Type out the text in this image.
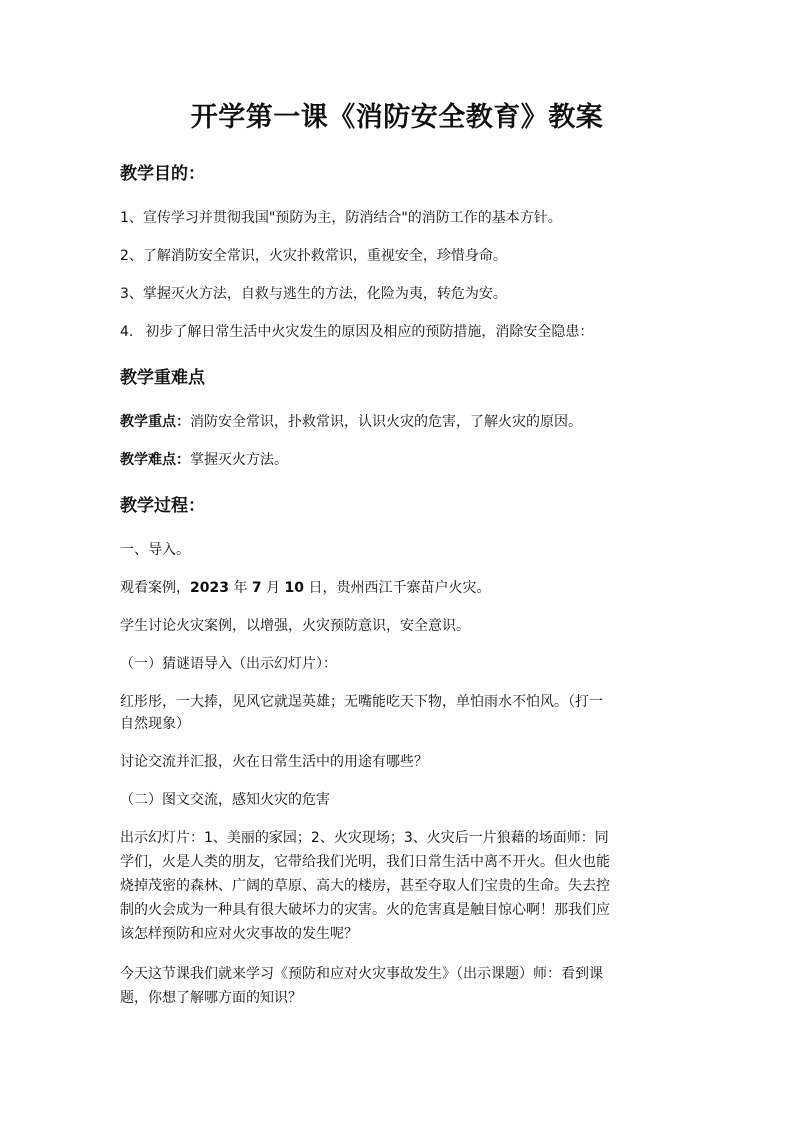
开学第一课《消防安全教育》教案
教学目的：
1、宣传学习并贯彻我国"预防为主，防消结合"的消防工作的基本方针。
2、了解消防安全常识，火灾扑救常识，重视安全，珍惜身命。
3、掌握灭火方法，自救与逃生的方法，化险为夷，转危为安。
4. 初步了解日常生活中火灾发生的原因及相应的预防措施，消除安全隐患：
教学重难点
教学重点：消防安全常识，扑救常识，认识火灾的危害，了解火灾的原因。
教学难点：掌握灭火方法。
教学过程：
一、导入。
观看案例，2023 年 7 月 10 日，贵州西江千寨苗户火灾。
学生讨论火灾案例，以增强，火灾预防意识，安全意识。
（一）猜谜语导入（出示幻灯片）：
红彤彤，一大捧，见风它就逞英雄；无嘴能吃天下物，单怕雨水不怕风。（打一
自然现象）
讨论交流并汇报，火在日常生活中的用途有哪些？
（二）图文交流，感知火灾的危害
出示幻灯片：1、美丽的家园；2、火灾现场；3、火灾后一片狼藉的场面师：同
学们，火是人类的朋友，它带给我们光明，我们日常生活中离不开火。但火也能
烧掉茂密的森林、广阔的草原、高大的楼房，甚至夺取人们宝贵的生命。失去控
制的火会成为一种具有很大破坏力的灾害。火的危害真是触目惊心啊！那我们应
该怎样预防和应对火灾事故的发生呢？
今天这节课我们就来学习《预防和应对火灾事故发生》（出示课题）师：看到课
题，你想了解哪方面的知识？
